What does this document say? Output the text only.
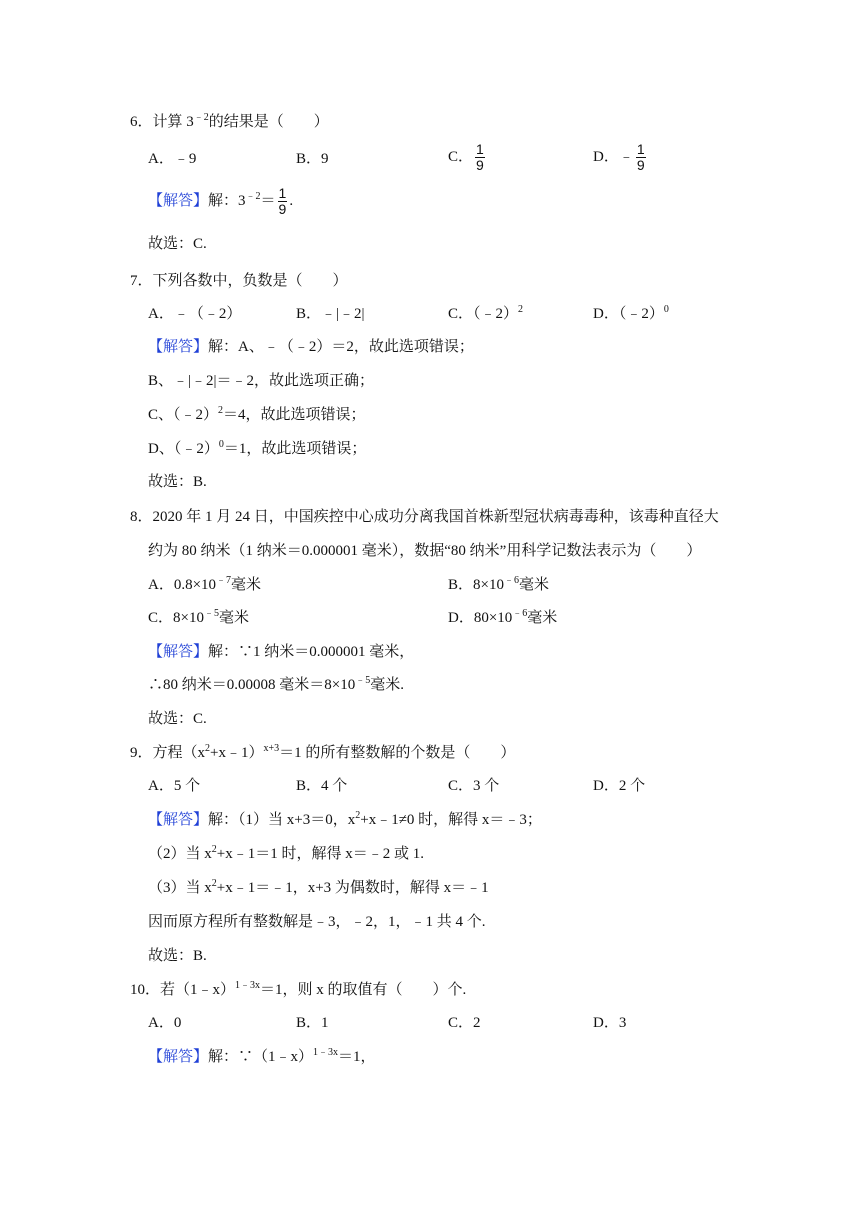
6．计算 $3^{﹣2}$的结果是（　　）
A．﹣9	B．9	C． $\frac{1}{9}$	D．﹣ $\frac{1}{9}$
【解答】解：$3^{﹣2}= \frac{1}{9}$ .
故选：C.
7．下列各数中，负数是（　　）
A．﹣（﹣2）	B．﹣|﹣2|	C．（﹣2）$^2$	D．（﹣2）$^0$
【解答】解：A、﹣（﹣2）＝2，故此选项错误；
B、﹣|﹣2|＝﹣2，故此选项正确；
C、（﹣2）$^2$＝4，故此选项错误；
D、（﹣2）$^0$＝1，故此选项错误；
故选：B.
8．2020 年 1 月 24 日，中国疾控中心成功分离我国首株新型冠状病毒毒种，该毒种直径大
约为 80 纳米（1 纳米＝0.000001 毫米），数据“80 纳米”用科学记数法表示为（　　）
A．$0.8\times 10^{﹣7}$毫米	B．$8\times 10^{﹣6}$毫米
C．$8\times 10^{﹣5}$毫米	D．$80\times 10^{﹣6}$毫米
【解答】解：∵1 纳米＝0.000001 毫米，
∴80 纳米＝0.00008 毫米$=8\times 10^{﹣5}$毫米.
故选：C.
9．方程$(x^2+x﹣1)^{x+3}=1$ 的所有整数解的个数是（　　）
A．5 个	B．4 个	C．3 个	D．2 个
【解答】解：（1）当 x+3＝0，$x^2+x﹣1\ne 0$ 时，解得 x＝﹣3；
（2）当 $x^2+x﹣1=1$ 时，解得 x＝﹣2 或 1.
（3）当 $x^2+x﹣1=﹣1$，x+3 为偶数时，解得 x＝﹣1
因而原方程所有整数解是﹣3，﹣2，1，﹣1 共 4 个.
故选：B.
10．若（1﹣x）$^{1﹣3x}$＝1，则 x 的取值有（　　）个.
A．0	B．1	C．2	D．3
【解答】解：∵（1﹣x）$^{1﹣3x}$＝1，
